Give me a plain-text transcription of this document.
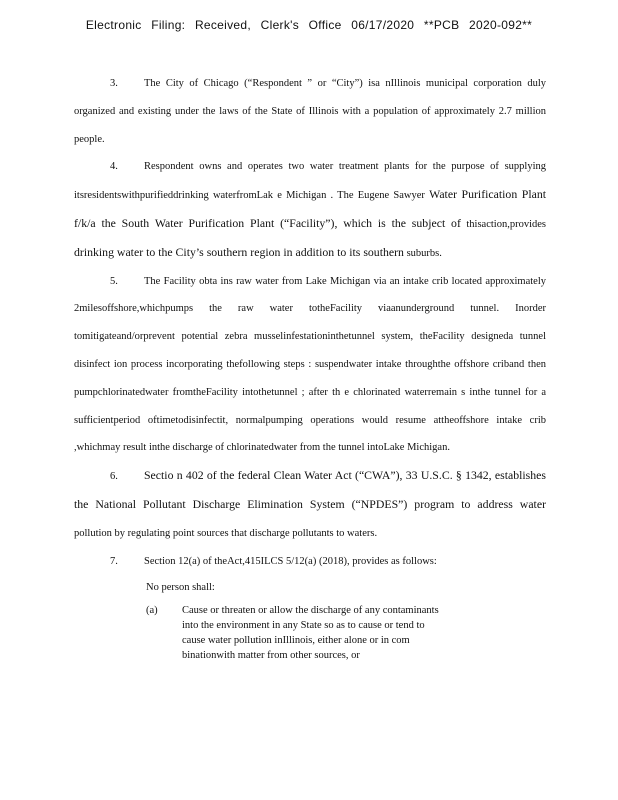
Electronic Filing: Received, Clerk's Office 06/17/2020 **PCB 2020-092**

3. The City of Chicago (“Respondent ” or “City”) isa nIllinois municipal corporation duly organized and existing under the laws of the State of Illinois with a population of approximately 2.7 million people.

4. Respondent owns and operates two water treatment plants for the purpose of supplying itsresidentswithpurifieddrinking waterfromLak e Michigan . The Eugene Sawyer Water Purification Plant f/k/a the South Water Purification Plant (“Facility”), which is the subject of thisaction,provides drinking water to the City’s southern region in addition to its southern suburbs.

5. The Facility obta ins raw water from Lake Michigan via an intake crib located approximately 2milesoffshore,whichpumps the raw water totheFacility viaanunderground tunnel. Inorder tomitigateand/orprevent potential zebra musselinfestationinthetunnel system, theFacility designeda tunnel disinfect ion process incorporating thefollowing steps : suspendwater intake throughthe offshore criband then pumpchlorinatedwater fromtheFacility intothetunnel ; after th e chlorinated waterremain s inthe tunnel for a sufficientperiod oftimetodisinfectit, normalpumping operations would resume attheoffshore intake crib ,whichmay result inthe discharge of chlorinatedwater from the tunnel intoLake Michigan.

6. Sectio n 402 of the federal Clean Water Act (“CWA”), 33 U.S.C. § 1342, establishes the National Pollutant Discharge Elimination System (“NPDES”) program to address water pollution by regulating point sources that discharge pollutants to waters.

7. Section 12(a) of theAct,415ILCS 5/12(a) (2018), provides as follows:

No person shall:

(a) Cause or threaten or allow the discharge of any contaminants into the environment in any State so as to cause or tend to cause water pollution inIllinois, either alone or in com binationwith matter from other sources, or
